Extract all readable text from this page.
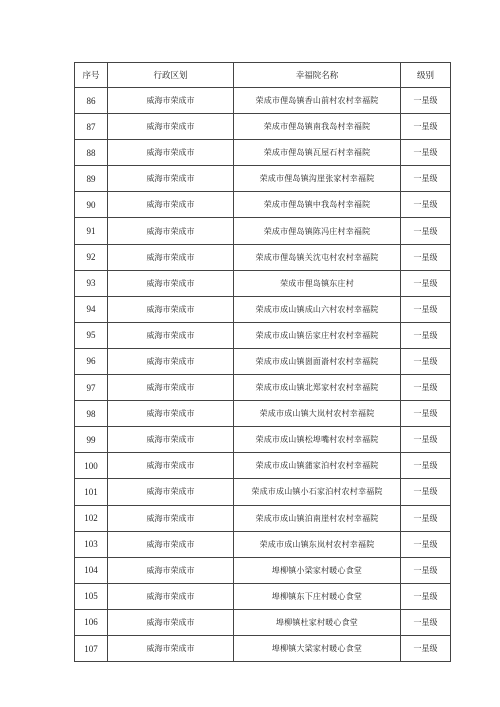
序号	行政区划	幸福院名称	级别
86	威海市荣成市	荣成市俚岛镇香山前村农村幸福院	一星级
87	威海市荣成市	荣成市俚岛镇南我岛村幸福院	一星级
88	威海市荣成市	荣成市俚岛镇瓦屋石村幸福院	一星级
89	威海市荣成市	荣成市俚岛镇沟崖张家村幸福院	一星级
90	威海市荣成市	荣成市俚岛镇中我岛村幸福院	一星级
91	威海市荣成市	荣成市俚岛镇陈冯庄村幸福院	一星级
92	威海市荣成市	荣成市俚岛镇关沈屯村农村幸福院	一星级
93	威海市荣成市	荣成市俚岛镇东庄村	一星级
94	威海市荣成市	荣成市成山镇成山六村农村幸福院	一星级
95	威海市荣成市	荣成市成山镇岳家庄村农村幸福院	一星级
96	威海市荣成市	荣成市成山镇崮面嵛村农村幸福院	一星级
97	威海市荣成市	荣成市成山镇北郑家村农村幸福院	一星级
98	威海市荣成市	荣成市成山镇大岚村农村幸福院	一星级
99	威海市荣成市	荣成市成山镇松埠嘴村农村幸福院	一星级
100	威海市荣成市	荣成市成山镇蒲家泊村农村幸福院	一星级
101	威海市荣成市	荣成市成山镇小石家泊村农村幸福院	一星级
102	威海市荣成市	荣成市成山镇泊南崖村农村幸福院	一星级
103	威海市荣成市	荣成市成山镇东岚村农村幸福院	一星级
104	威海市荣成市	埠柳镇小梁家村暖心食堂	一星级
105	威海市荣成市	埠柳镇东下庄村暖心食堂	一星级
106	威海市荣成市	埠柳镇杜家村暖心食堂	一星级
107	威海市荣成市	埠柳镇大梁家村暖心食堂	一星级
